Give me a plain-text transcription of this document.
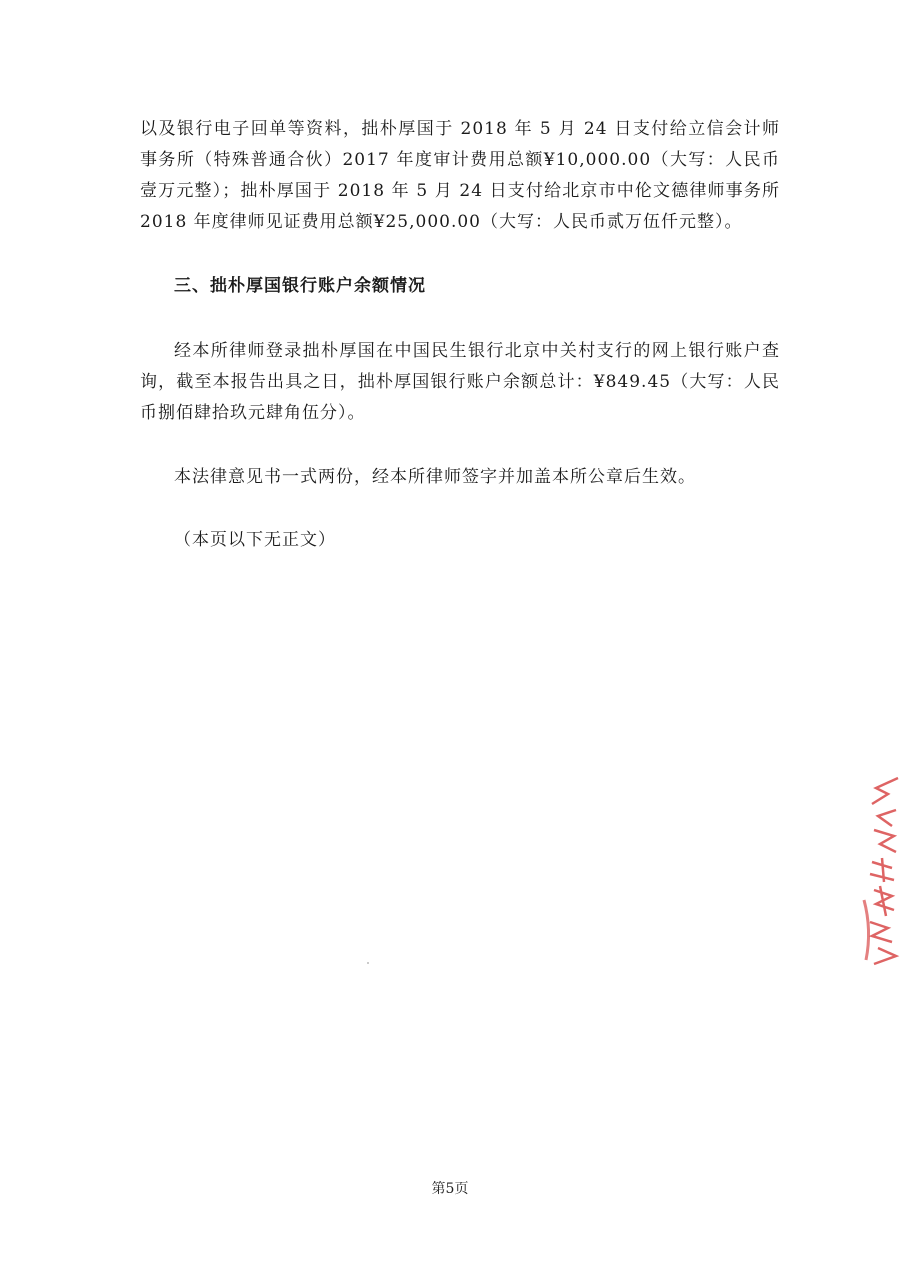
以及银行电子回单等资料，拙朴厚国于 2018 年 5 月 24 日支付给立信会计师事务所（特殊普通合伙）2017 年度审计费用总额¥10,000.00（大写：人民币壹万元整）；拙朴厚国于 2018 年 5 月 24 日支付给北京市中伦文德律师事务所 2018 年度律师见证费用总额¥25,000.00（大写：人民币贰万伍仟元整）。

三、拙朴厚国银行账户余额情况

经本所律师登录拙朴厚国在中国民生银行北京中关村支行的网上银行账户查询，截至本报告出具之日，拙朴厚国银行账户余额总计：¥849.45（大写：人民币捌佰肆拾玖元肆角伍分）。

本法律意见书一式两份，经本所律师签字并加盖本所公章后生效。

（本页以下无正文）

第5页
